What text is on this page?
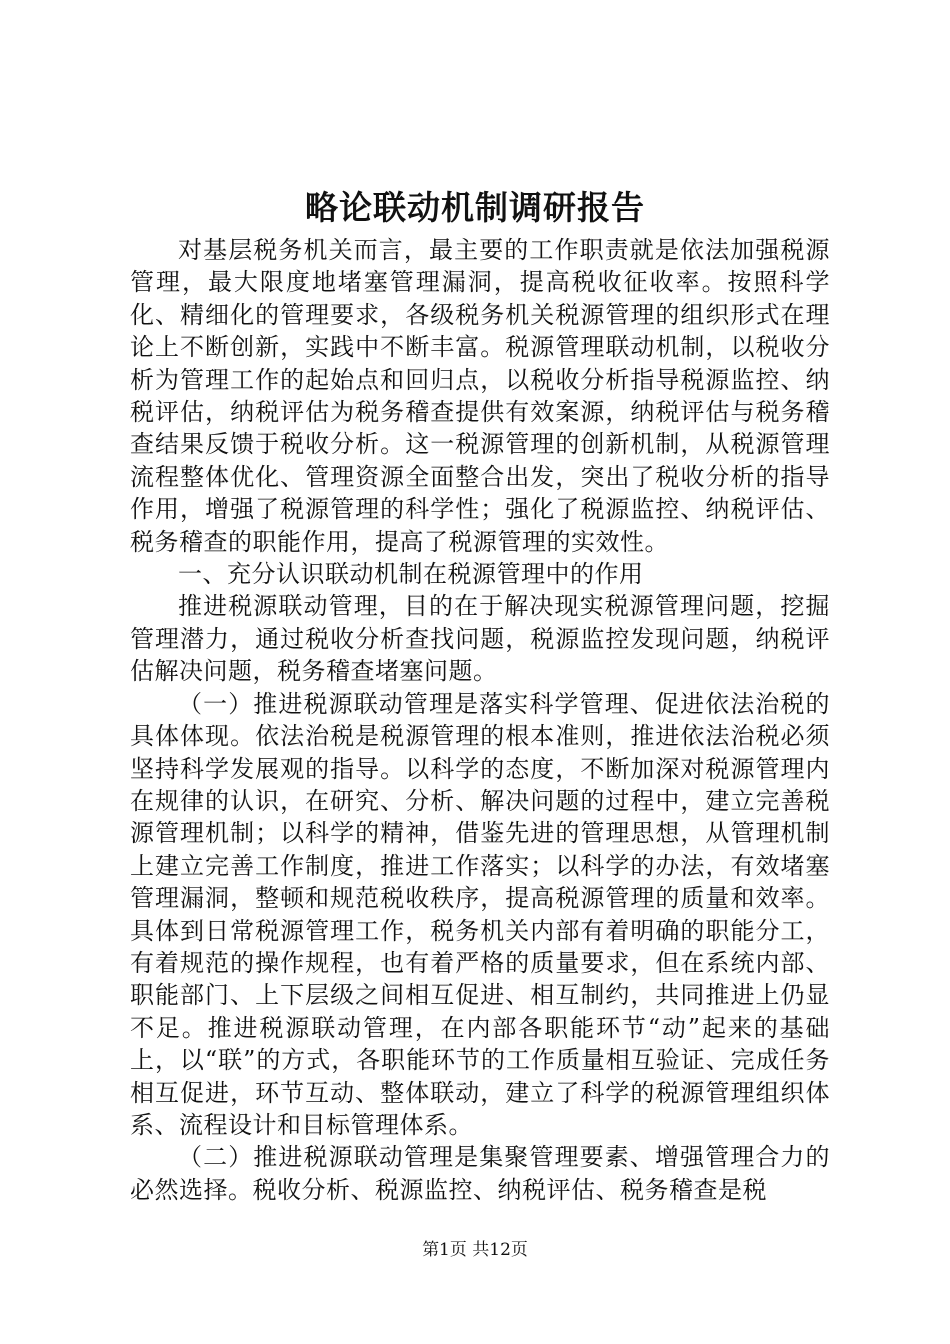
略论联动机制调研报告

对基层税务机关而言，最主要的工作职责就是依法加强税源管理，最大限度地堵塞管理漏洞，提高税收征收率。按照科学化、精细化的管理要求，各级税务机关税源管理的组织形式在理论上不断创新，实践中不断丰富。税源管理联动机制，以税收分析为管理工作的起始点和回归点，以税收分析指导税源监控、纳税评估，纳税评估为税务稽查提供有效案源，纳税评估与税务稽查结果反馈于税收分析。这一税源管理的创新机制，从税源管理流程整体优化、管理资源全面整合出发，突出了税收分析的指导作用，增强了税源管理的科学性；强化了税源监控、纳税评估、税务稽查的职能作用，提高了税源管理的实效性。

一、充分认识联动机制在税源管理中的作用

推进税源联动管理，目的在于解决现实税源管理问题，挖掘管理潜力，通过税收分析查找问题，税源监控发现问题，纳税评估解决问题，税务稽查堵塞问题。

（一）推进税源联动管理是落实科学管理、促进依法治税的具体体现。依法治税是税源管理的根本准则，推进依法治税必须坚持科学发展观的指导。以科学的态度，不断加深对税源管理内在规律的认识，在研究、分析、解决问题的过程中，建立完善税源管理机制；以科学的精神，借鉴先进的管理思想，从管理机制上建立完善工作制度，推进工作落实；以科学的办法，有效堵塞管理漏洞，整顿和规范税收秩序，提高税源管理的质量和效率。具体到日常税源管理工作，税务机关内部有着明确的职能分工，有着规范的操作规程，也有着严格的质量要求，但在系统内部、职能部门、上下层级之间相互促进、相互制约，共同推进上仍显不足。推进税源联动管理，在内部各职能环节“动”起来的基础上，以“联”的方式，各职能环节的工作质量相互验证、完成任务相互促进，环节互动、整体联动，建立了科学的税源管理组织体系、流程设计和目标管理体系。

（二）推进税源联动管理是集聚管理要素、增强管理合力的必然选择。税收分析、税源监控、纳税评估、税务稽查是税

第1页 共12页
